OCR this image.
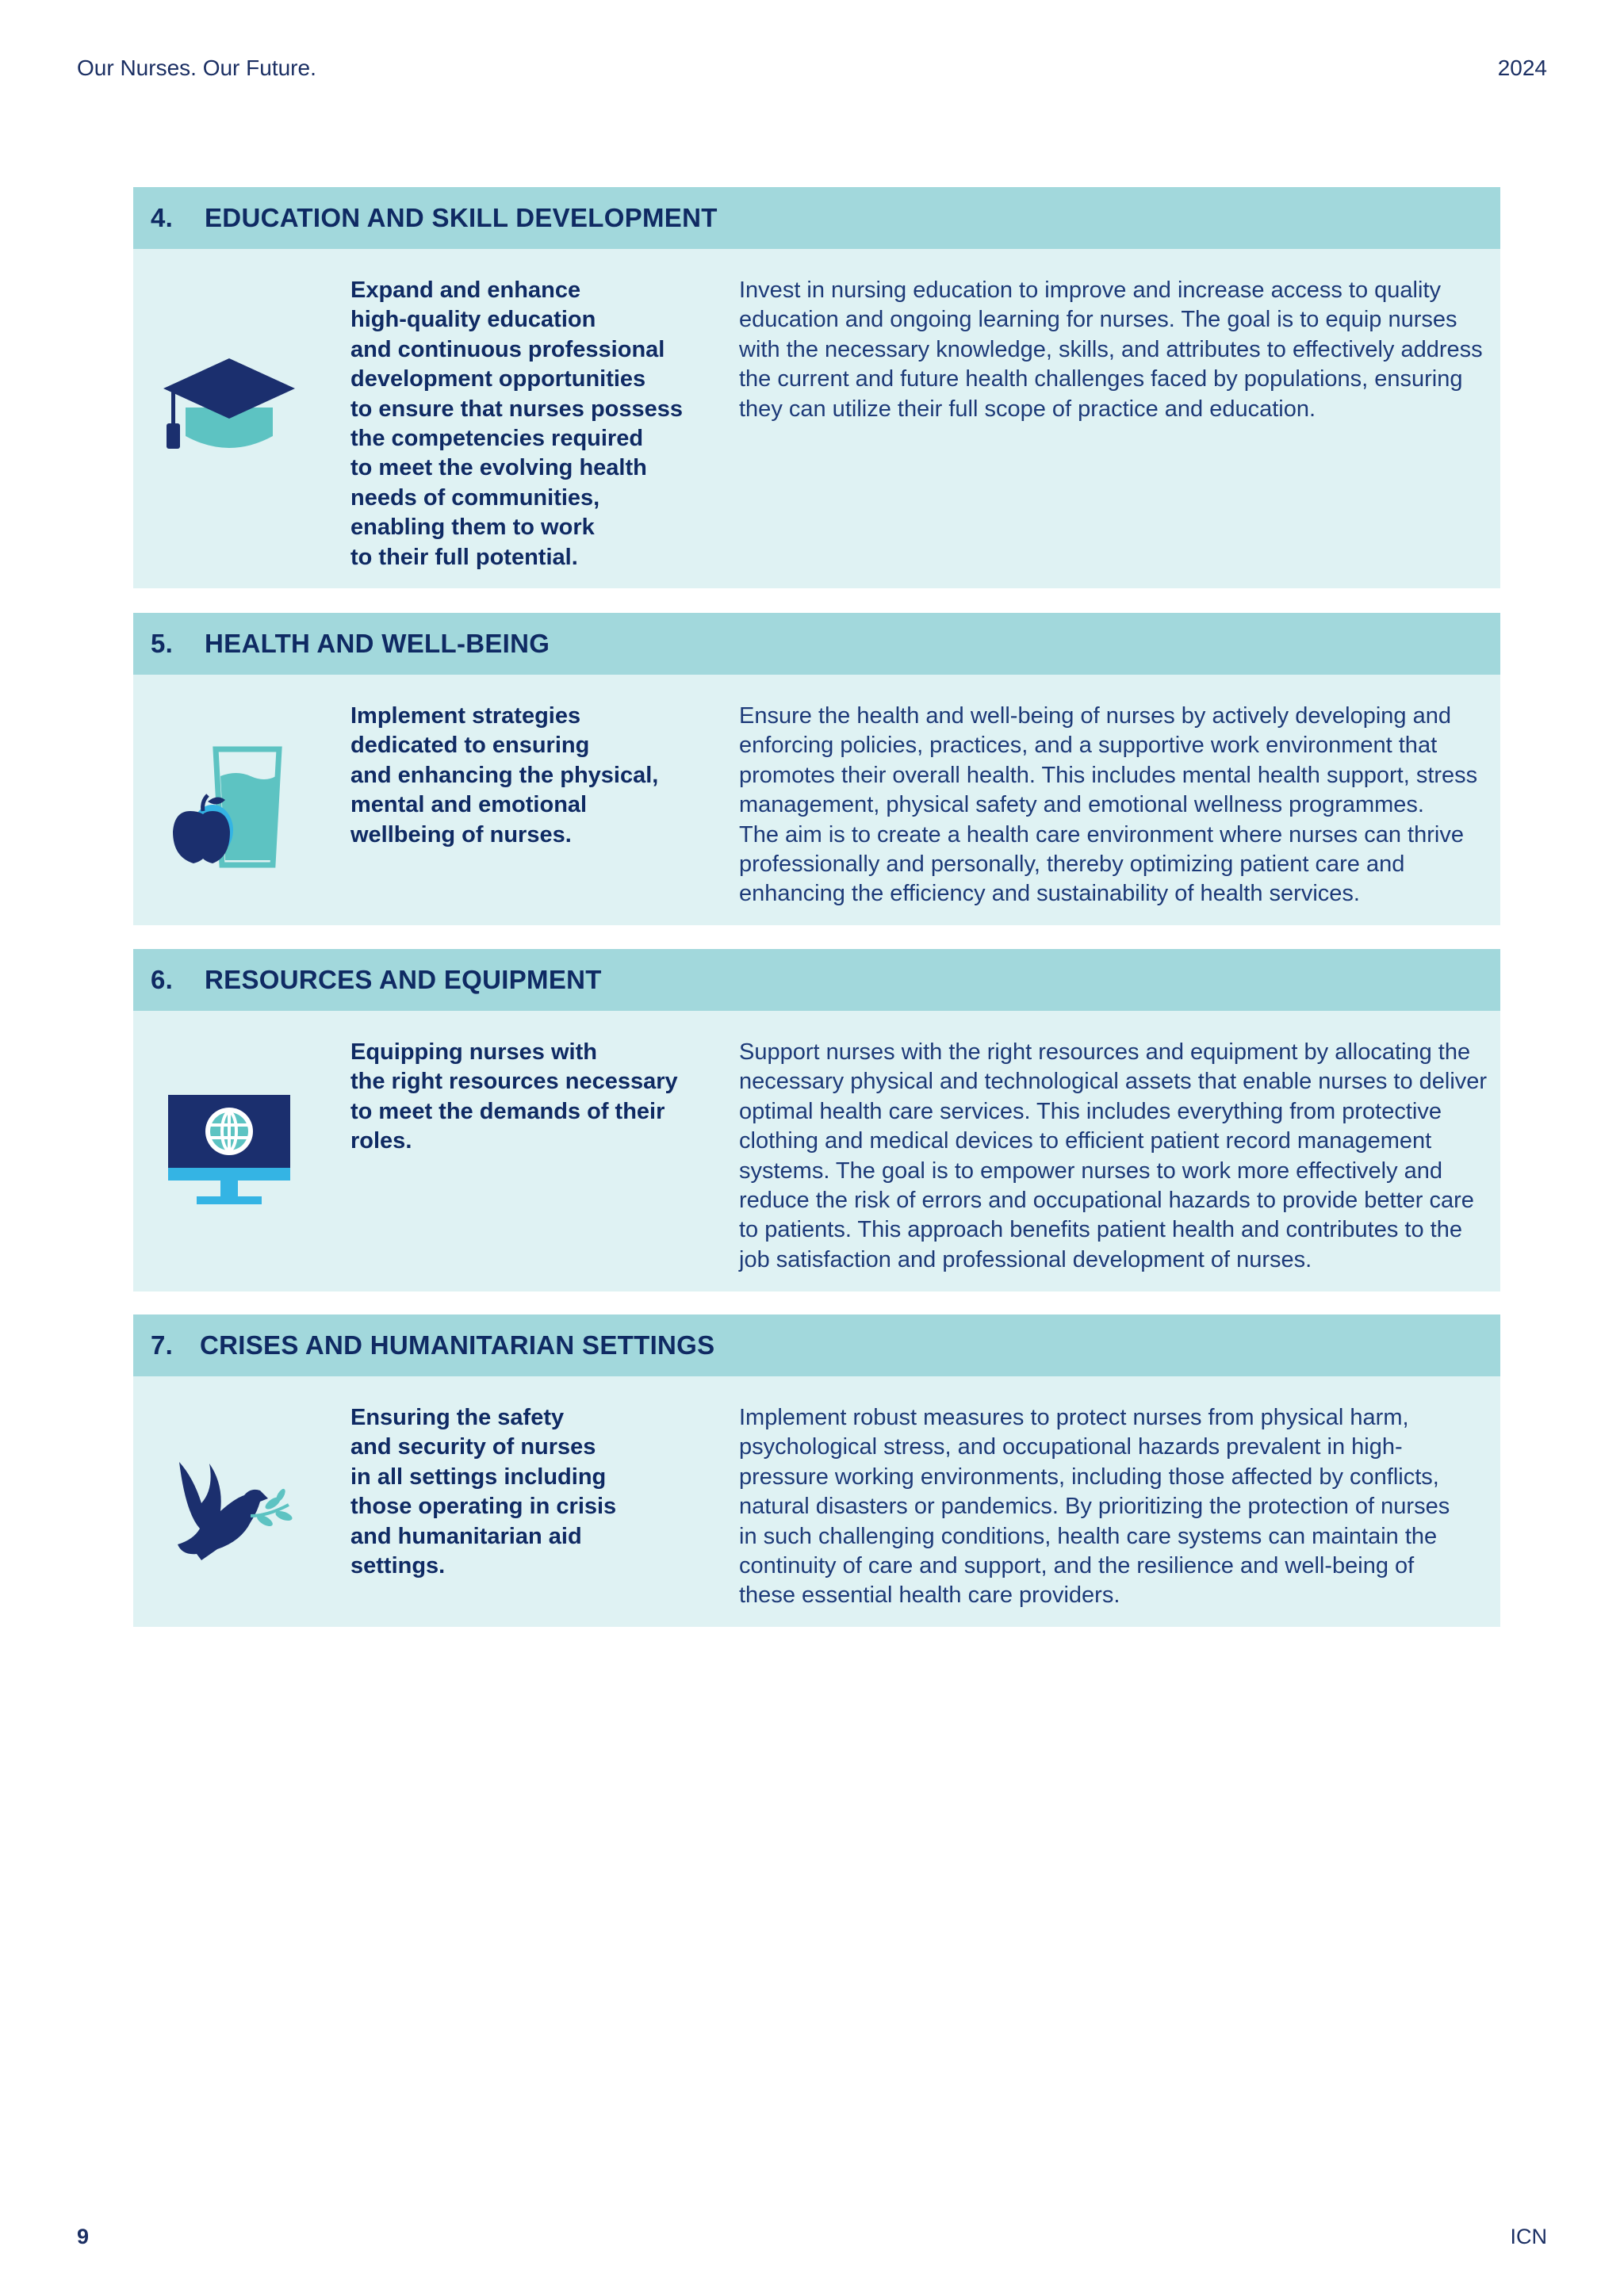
Our Nurses. Our Future.	2024
4.	EDUCATION AND SKILL DEVELOPMENT
Expand and enhance
high-quality education
and continuous professional
development opportunities
to ensure that nurses possess
the competencies required
to meet the evolving health
needs of communities,
enabling them to work
to their full potential.
Invest in nursing education to improve and increase access to quality
education and ongoing learning for nurses. The goal is to equip nurses
with the necessary knowledge, skills, and attributes to effectively address
the current and future health challenges faced by populations, ensuring
they can utilize their full scope of practice and education.
5.	HEALTH AND WELL-BEING
Implement strategies
dedicated to ensuring
and enhancing the physical,
mental and emotional
wellbeing of nurses.
Ensure the health and well-being of nurses by actively developing and
enforcing policies, practices, and a supportive work environment that
promotes their overall health. This includes mental health support, stress
management, physical safety and emotional wellness programmes.
The aim is to create a health care environment where nurses can thrive
professionally and personally, thereby optimizing patient care and
enhancing the efficiency and sustainability of health services.
6.	RESOURCES AND EQUIPMENT
Equipping nurses with
the right resources necessary
to meet the demands of their
roles.
Support nurses with the right resources and equipment by allocating the
necessary physical and technological assets that enable nurses to deliver
optimal health care services. This includes everything from protective
clothing and medical devices to efficient patient record management
systems. The goal is to empower nurses to work more effectively and
reduce the risk of errors and occupational hazards to provide better care
to patients. This approach benefits patient health and contributes to the
job satisfaction and professional development of nurses.
7.	CRISES AND HUMANITARIAN SETTINGS
Ensuring the safety
and security of nurses
in all settings including
those operating in crisis
and humanitarian aid
settings.
Implement robust measures to protect nurses from physical harm,
psychological stress, and occupational hazards prevalent in high-
pressure working environments, including those affected by conflicts,
natural disasters or pandemics. By prioritizing the protection of nurses
in such challenging conditions, health care systems can maintain the
continuity of care and support, and the resilience and well-being of
these essential health care providers.
9	ICN
